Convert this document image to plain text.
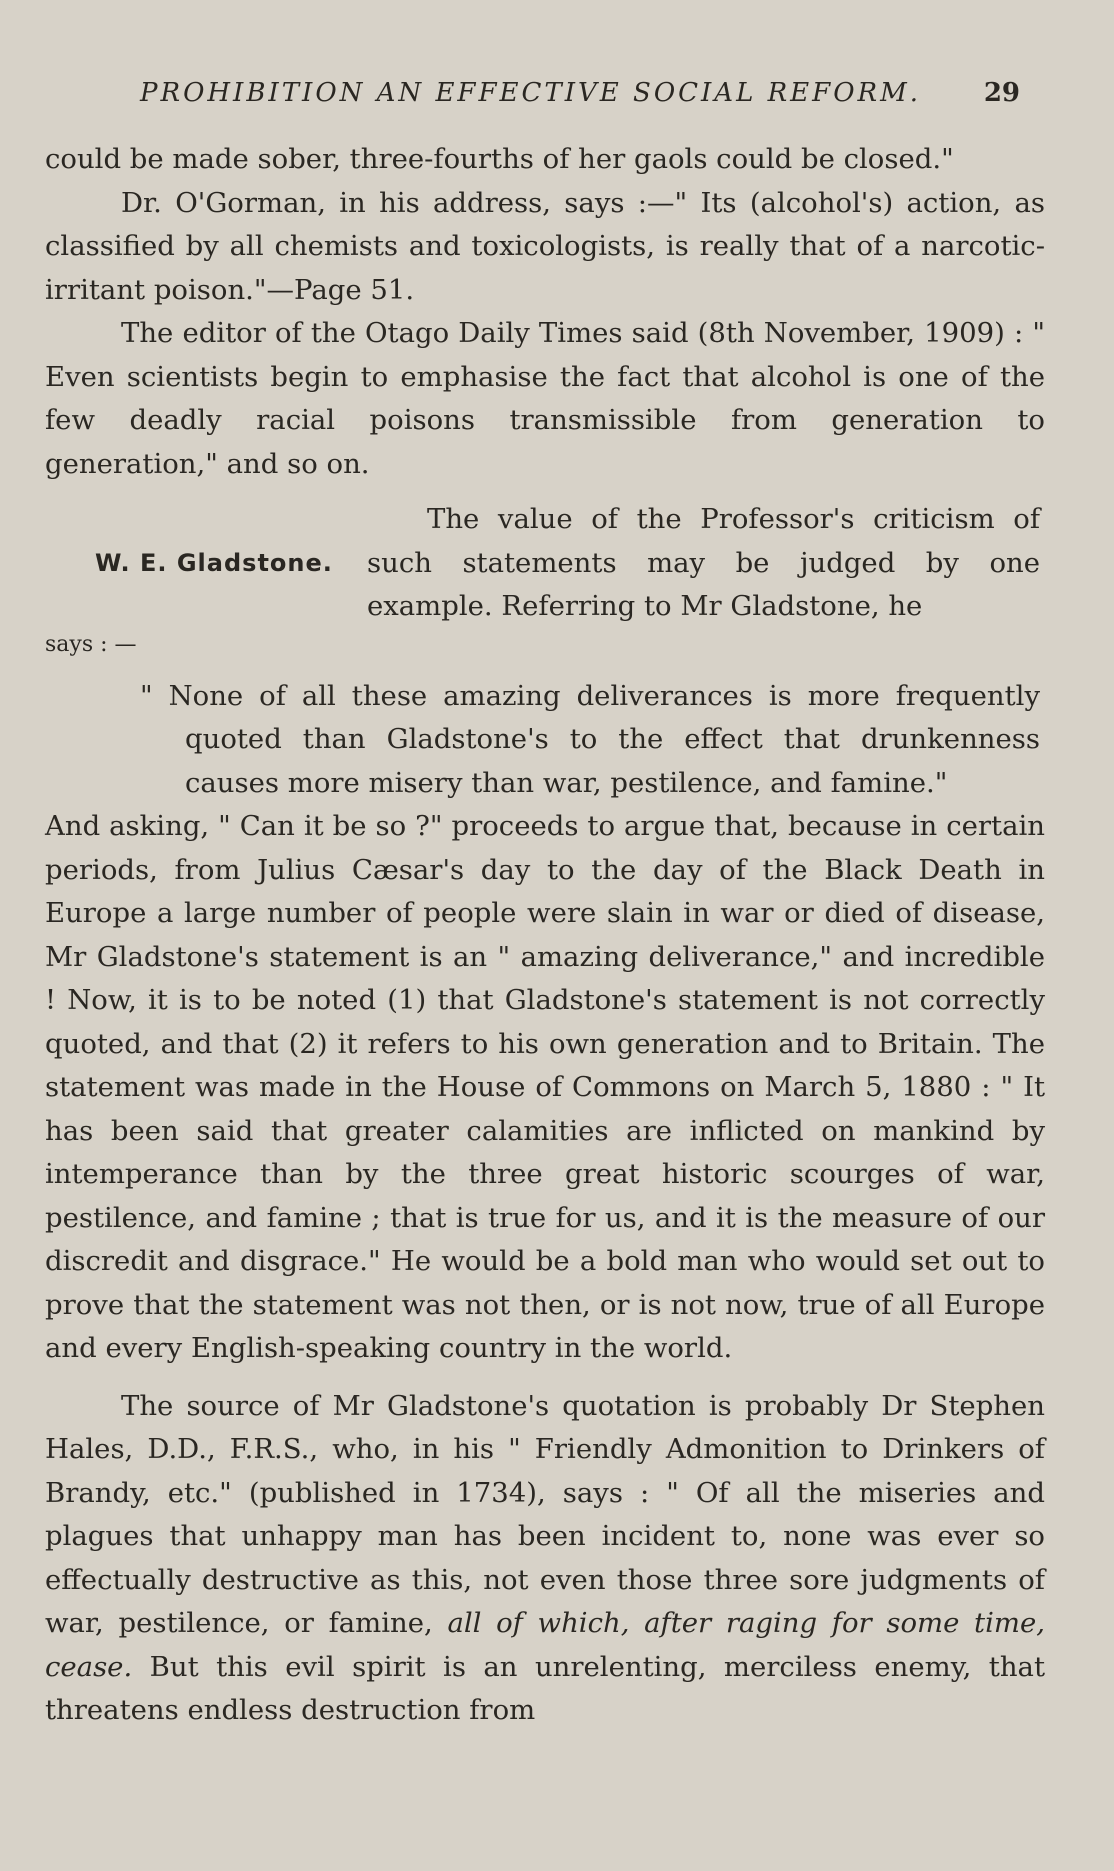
PROHIBITION AN EFFECTIVE SOCIAL REFORM. 29

could be made sober, three-fourths of her gaols could be closed."

Dr. O'Gorman, in his address, says :—" Its (alcohol's) action, as classified by all chemists and toxicologists, is really that of a narcotic-irritant poison."—Page 51.

The editor of the Otago Daily Times said (8th November, 1909) : " Even scientists begin to emphasise the fact that alcohol is one of the few deadly racial poisons transmissible from generation to generation," and so on.

W. E. Gladstone.

The value of the Professor's criticism of such statements may be judged by one example. Referring to Mr Gladstone, he

says : —

" None of all these amazing deliverances is more frequently quoted than Gladstone's to the effect that drunkenness causes more misery than war, pestilence, and famine."

And asking, " Can it be so ?" proceeds to argue that, because in certain periods, from Julius Cæsar's day to the day of the Black Death in Europe a large number of people were slain in war or died of disease, Mr Gladstone's statement is an " amazing deliverance," and incredible ! Now, it is to be noted (1) that Gladstone's statement is not correctly quoted, and that (2) it refers to his own generation and to Britain. The statement was made in the House of Commons on March 5, 1880 : " It has been said that greater calamities are inflicted on mankind by intemperance than by the three great historic scourges of war, pestilence, and famine ; that is true for us, and it is the measure of our discredit and disgrace." He would be a bold man who would set out to prove that the statement was not then, or is not now, true of all Europe and every English-speaking country in the world.

The source of Mr Gladstone's quotation is probably Dr Stephen Hales, D.D., F.R.S., who, in his " Friendly Admonition to Drinkers of Brandy, etc." (published in 1734), says : " Of all the miseries and plagues that unhappy man has been incident to, none was ever so effectually destructive as this, not even those three sore judgments of war, pestilence, or famine, all of which, after raging for some time, cease. But this evil spirit is an unrelenting, merciless enemy, that threatens endless destruction from
